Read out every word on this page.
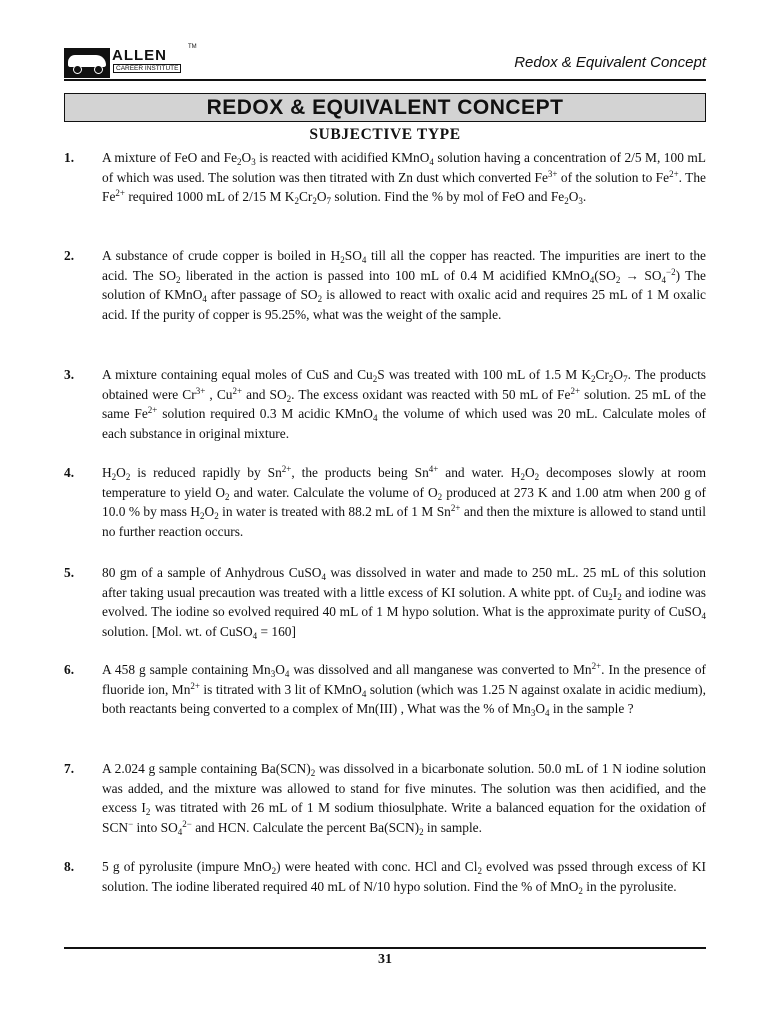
ALLEN
CAREER INSTITUTE
TM
Redox & Equivalent Concept
REDOX & EQUIVALENT CONCEPT
SUBJECTIVE TYPE
1. A mixture of FeO and $Fe_2O_3$ is reacted with acidified KMnO$_4$ solution having a concentration of 2/5 M, 100 mL of which was used. The solution was then titrated with Zn dust which converted $Fe^{3+}$ of the solution to $Fe^{2+}$. The $Fe^{2+}$ required 1000 mL of 2/15 M $K_2Cr_2O_7$ solution. Find the % by mol of FeO and $Fe_2O_3$.
2. A substance of crude copper is boiled in $H_2SO_4$ till all the copper has reacted. The impurities are inert to the acid. The $SO_2$ liberated in the action is passed into 100 mL of 0.4 M acidified $KMnO_4(SO_2 \to SO_4^{-2})$ The solution of KMnO$_4$ after passage of $SO_2$ is allowed to react with oxalic acid and requires 25 mL of 1 M oxalic acid. If the purity of copper is 95.25%, what was the weight of the sample.
3. A mixture containing equal moles of CuS and $Cu_2S$ was treated with 100 mL of 1.5 M $K_2Cr_2O_7$. The products obtained were $Cr^{3+}$ , $Cu^{2+}$ and $SO_2$. The excess oxidant was reacted with 50 mL of $Fe^{2+}$ solution. 25 mL of the same $Fe^{2+}$ solution required 0.3 M acidic KMnO$_4$ the volume of which used was 20 mL. Calculate moles of each substance in original mixture.
4. $H_2O_2$ is reduced rapidly by $Sn^{2+}$, the products being $Sn^{4+}$ and water. $H_2O_2$ decomposes slowly at room temperature to yield $O_2$ and water. Calculate the volume of $O_2$ produced at 273 K and 1.00 atm when 200 g of 10.0 % by mass $H_2O_2$ in water is treated with 88.2 mL of 1 M $Sn^{2+}$ and then the mixture is allowed to stand until no further reaction occurs.
5. 80 gm of a sample of Anhydrous CuSO$_4$ was dissolved in water and made to 250 mL. 25 mL of this solution after taking usual precaution was treated with a little excess of KI solution. A white ppt. of $Cu_2I_2$ and iodine was evolved. The iodine so evolved required 40 mL of 1 M hypo solution. What is the approximate purity of CuSO$_4$ solution. [Mol. wt. of CuSO$_4$ = 160]
6. A 458 g sample containing $Mn_3O_4$ was dissolved and all manganese was converted to $Mn^{2+}$. In the presence of fluoride ion, $Mn^{2+}$ is titrated with 3 lit of KMnO$_4$ solution (which was 1.25 N against oxalate in acidic medium), both reactants being converted to a complex of Mn(III) , What was the % of $Mn_3O_4$ in the sample ?
7. A 2.024 g sample containing $Ba(SCN)_2$ was dissolved in a bicarbonate solution. 50.0 mL of 1 N iodine solution was added, and the mixture was allowed to stand for five minutes. The solution was then acidified, and the excess $I_2$ was titrated with 26 mL of 1 M sodium thiosulphate. Write a balanced equation for the oxidation of SCN− into $SO_4^{2-}$ and HCN. Calculate the percent $Ba(SCN)_2$ in sample.
8. 5 g of pyrolusite (impure MnO$_2$) were heated with conc. HCl and $Cl_2$ evolved was pssed through excess of KI solution. The iodine liberated required 40 mL of N/10 hypo solution. Find the % of MnO$_2$ in the pyrolusite.
31
